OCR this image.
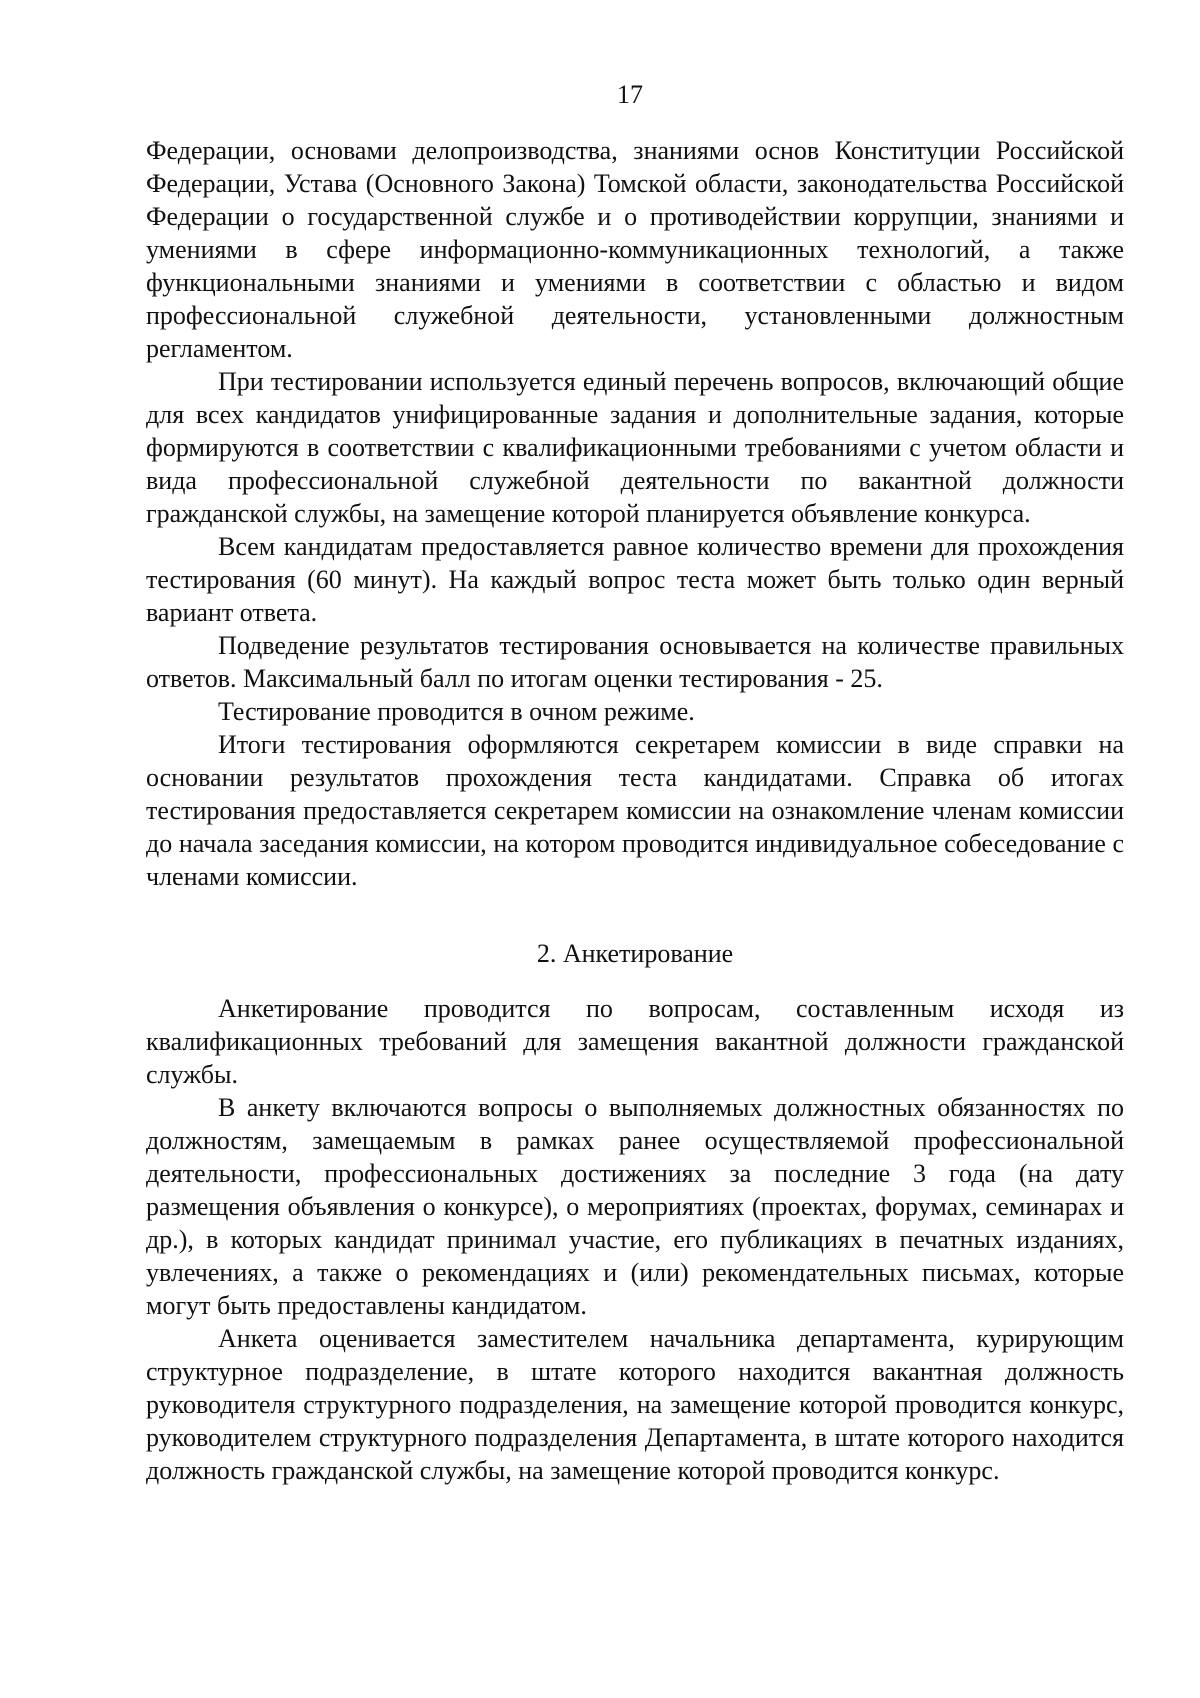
17

Федерации, основами делопроизводства, знаниями основ Конституции Российской Федерации, Устава (Основного Закона) Томской области, законодательства Российской Федерации о государственной службе и о противодействии коррупции, знаниями и умениями в сфере информационно-коммуникационных технологий, а также функциональными знаниями и умениями в соответствии с областью и видом профессиональной служебной деятельности, установленными должностным регламентом.

При тестировании используется единый перечень вопросов, включающий общие для всех кандидатов унифицированные задания и дополнительные задания, которые формируются в соответствии с квалификационными требованиями с учетом области и вида профессиональной служебной деятельности по вакантной должности гражданской службы, на замещение которой планируется объявление конкурса.

Всем кандидатам предоставляется равное количество времени для прохождения тестирования (60 минут). На каждый вопрос теста может быть только один верный вариант ответа.

Подведение результатов тестирования основывается на количестве правильных ответов. Максимальный балл по итогам оценки тестирования - 25.

Тестирование проводится в очном режиме.

Итоги тестирования оформляются секретарем комиссии в виде справки на основании результатов прохождения теста кандидатами. Справка об итогах тестирования предоставляется секретарем комиссии на ознакомление членам комиссии до начала заседания комиссии, на котором проводится индивидуальное собеседование с членами комиссии.

2. Анкетирование

Анкетирование проводится по вопросам, составленным исходя из квалификационных требований для замещения вакантной должности гражданской службы.

В анкету включаются вопросы о выполняемых должностных обязанностях по должностям, замещаемым в рамках ранее осуществляемой профессиональной деятельности, профессиональных достижениях за последние 3 года (на дату размещения объявления о конкурсе), о мероприятиях (проектах, форумах, семинарах и др.), в которых кандидат принимал участие, его публикациях в печатных изданиях, увлечениях, а также о рекомендациях и (или) рекомендательных письмах, которые могут быть предоставлены кандидатом.

Анкета оценивается заместителем начальника департамента, курирующим структурное подразделение, в штате которого находится вакантная должность руководителя структурного подразделения, на замещение которой проводится конкурс, руководителем структурного подразделения Департамента, в штате которого находится должность гражданской службы, на замещение которой проводится конкурс.
